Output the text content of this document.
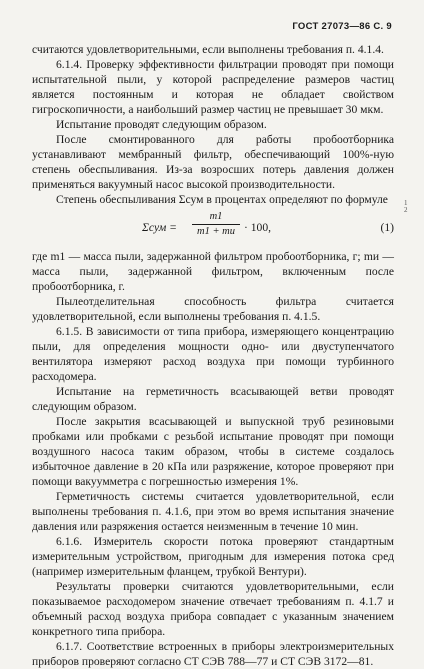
ГОСТ 27073—86 С. 9
1
2

считаются удовлетворительными, если выполнены требования п. 4.1.4.

6.1.4. Проверку эффективности фильтрации проводят при помощи испытательной пыли, у которой распределение размеров частиц является постоянным и которая не обладает свойством гигроскопичности, а наибольший размер частиц не превышает 30 мкм.

Испытание проводят следующим образом.

После смонтированного для работы пробоотборника устанавливают мембранный фильтр, обеспечивающий 100%-ную степень обеспыливания. Из-за возросших потерь давления должен применяться вакуумный насос высокой производительности.

Степень обеспыливания Σсум в процентах определяют по формуле

Σсум =
m1
m1 + mи · 100,	(1)

где m1 — масса пыли, задержанной фильтром пробоотборника, г; mи — масса пыли, задержанной фильтром, включенным после пробоотборника, г.

Пылеотделительная способность фильтра считается удовлетворительной, если выполнены требования п. 4.1.5.

6.1.5. В зависимости от типа прибора, измеряющего концентрацию пыли, для определения мощности одно- или двуступенчатого вентилятора измеряют расход воздуха при помощи турбинного расходомера.

Испытание на герметичность всасывающей ветви проводят следующим образом.

После закрытия всасывающей и выпускной труб резиновыми пробками или пробками с резьбой испытание проводят при помощи воздушного насоса таким образом, чтобы в системе создалось избыточное давление в 20 кПа или разряжение, которое проверяют при помощи вакуумметра с погрешностью измерения 1%.

Герметичность системы считается удовлетворительной, если выполнены требования п. 4.1.6, при этом во время испытания значение давления или разряжения остается неизменным в течение 10 мин.

6.1.6. Измеритель скорости потока проверяют стандартным измерительным устройством, пригодным для измерения потока сред (например измерительным фланцем, трубкой Вентури).

Результаты проверки считаются удовлетворительными, если показываемое расходомером значение отвечает требованиям п. 4.1.7 и объемный расход воздуха прибора совпадает с указанным значением конкретного типа прибора.

6.1.7. Соответствие встроенных в приборы электроизмерительных приборов проверяют согласно СТ СЭВ 788—77 и СТ СЭВ 3172—81.
